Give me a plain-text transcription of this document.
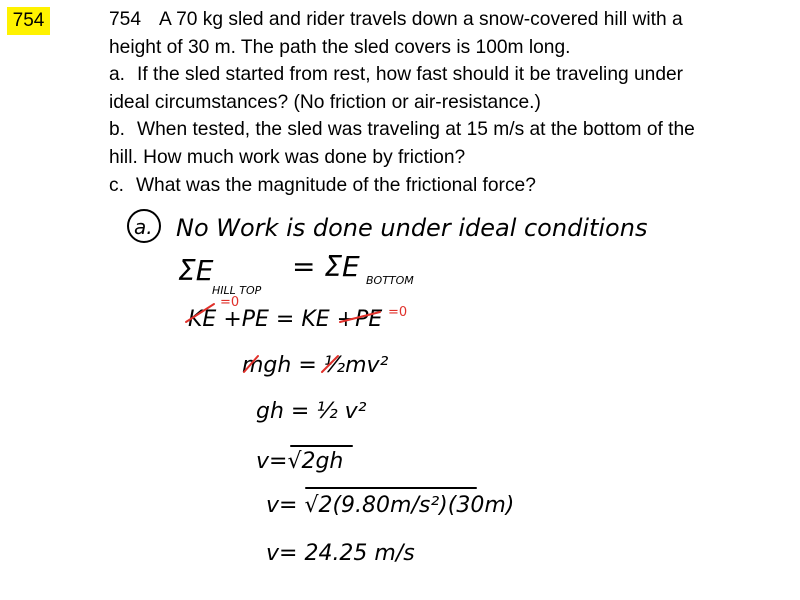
754	754 A 70 kg sled and rider travels down a snow-covered hill with a

height of 30 m. The path the sled covers is 100m long.

a. If the sled started from rest, how fast should it be traveling under

ideal circumstances? (No friction or air-resistance.)

b. When tested, the sled was traveling at 15 m/s at the bottom of the

hill. How much work was done by friction?

c. What was the magnitude of the frictional force?

a. No Work is done under ideal conditions
ΣE
HILL TOP
= ΣE BOTTOM
KE +PE = KE +PE
=0
=0
mgh = ½mv²
gh = ½ v²
v=√2gh
v= √2(9.80m/s²)(30m)
v= 24.25 m/s
